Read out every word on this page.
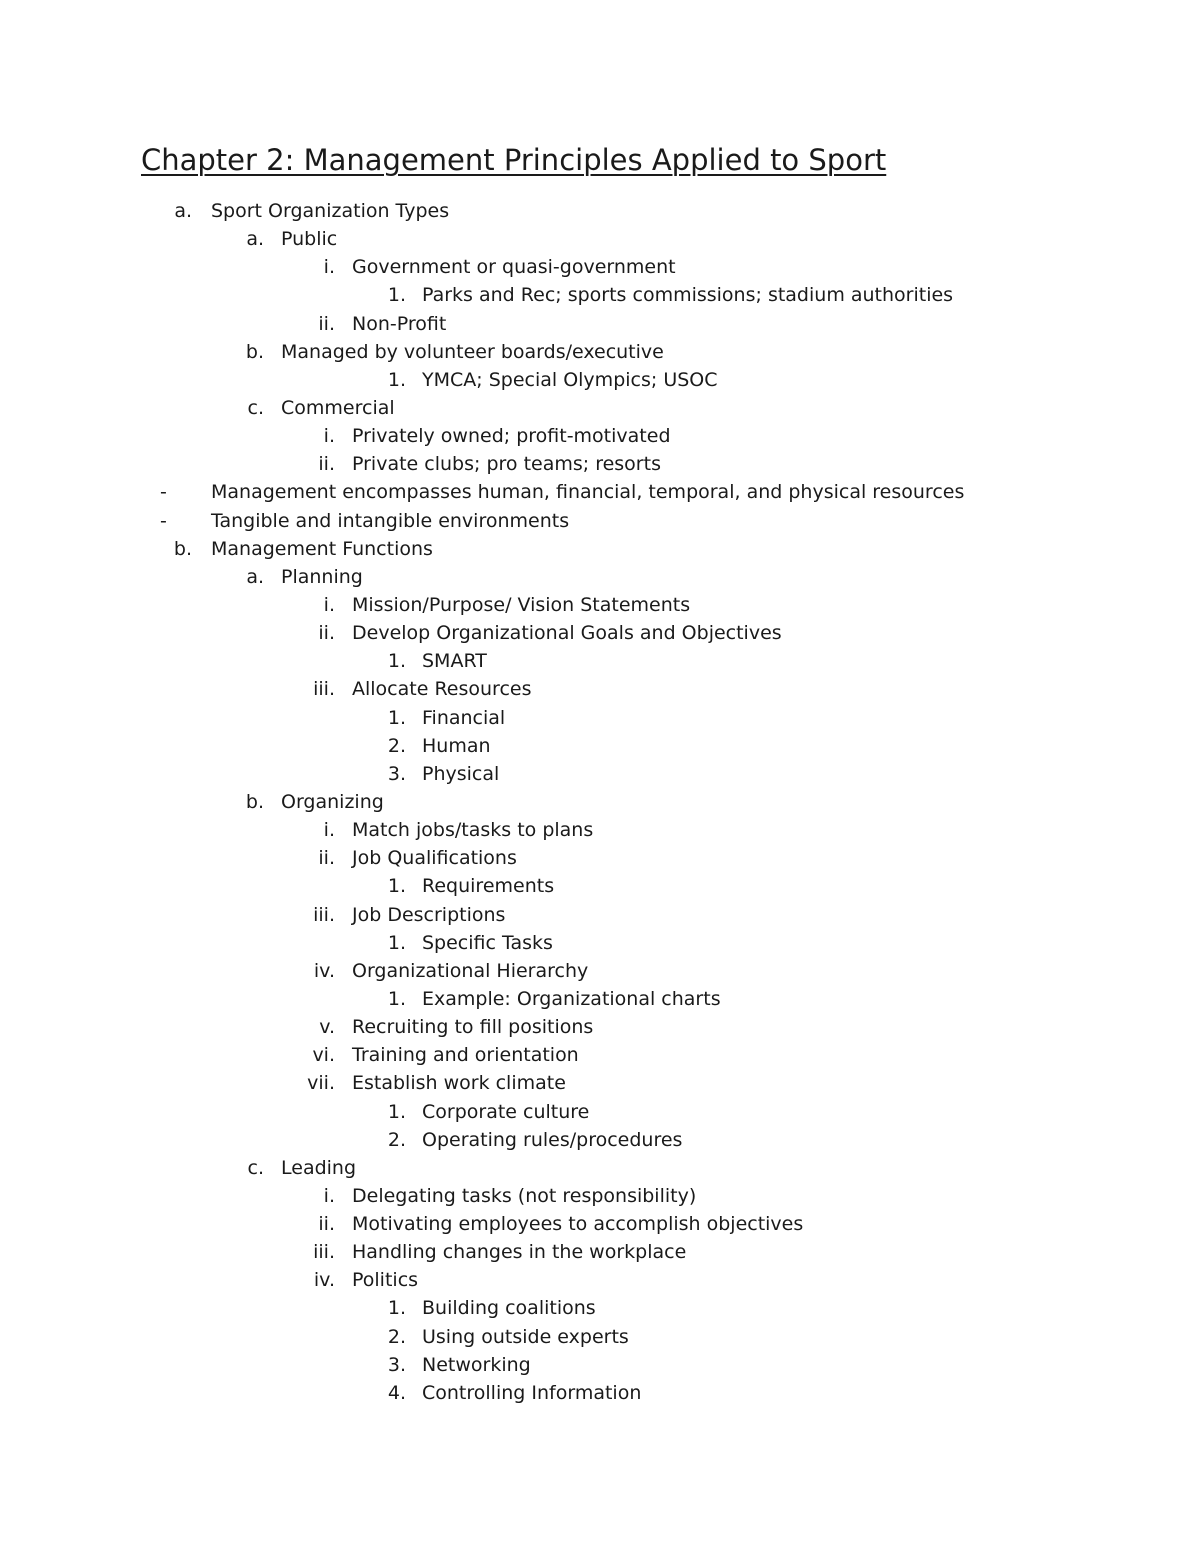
Chapter 2: Management Principles Applied to Sport
a. Sport Organization Types
a. Public
i. Government or quasi-government
1. Parks and Rec; sports commissions; stadium authorities
ii. Non-Profit
b. Managed by volunteer boards/executive
1. YMCA; Special Olympics; USOC
c. Commercial
i. Privately owned; profit-motivated
ii. Private clubs; pro teams; resorts
-	Management encompasses human, financial, temporal, and physical resources
-	Tangible and intangible environments
b. Management Functions
a. Planning
i. Mission/Purpose/ Vision Statements
ii. Develop Organizational Goals and Objectives
1. SMART
iii. Allocate Resources
1. Financial
2. Human
3. Physical
b. Organizing
i. Match jobs/tasks to plans
ii. Job Qualifications
1. Requirements
iii. Job Descriptions
1. Specific Tasks
iv. Organizational Hierarchy
1. Example: Organizational charts
v. Recruiting to fill positions
vi. Training and orientation
vii. Establish work climate
1. Corporate culture
2. Operating rules/procedures
c. Leading
i. Delegating tasks (not responsibility)
ii. Motivating employees to accomplish objectives
iii. Handling changes in the workplace
iv. Politics
1. Building coalitions
2. Using outside experts
3. Networking
4. Controlling Information
